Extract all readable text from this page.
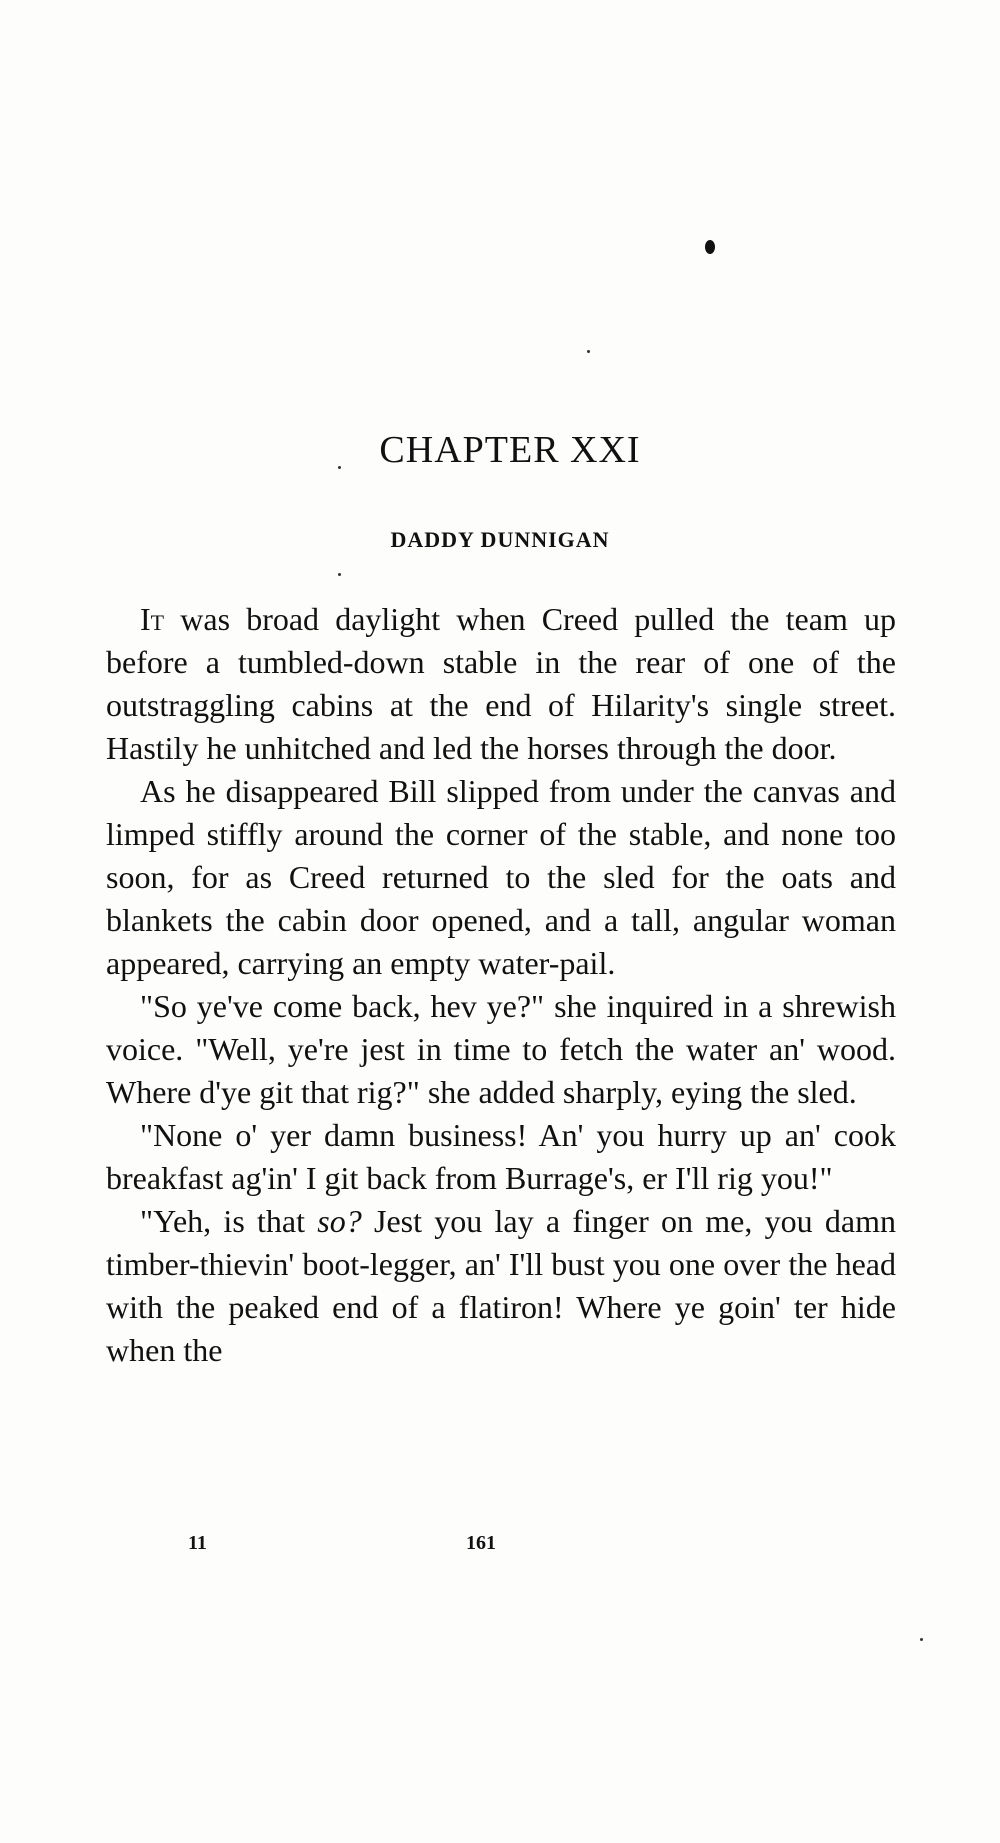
CHAPTER XXI
DADDY DUNNIGAN

It was broad daylight when Creed pulled the team up before a tumbled-down stable in the rear of one of the outstraggling cabins at the end of Hilarity's single street. Hastily he unhitched and led the horses through the door.

As he disappeared Bill slipped from under the canvas and limped stiffly around the corner of the stable, and none too soon, for as Creed returned to the sled for the oats and blankets the cabin door opened, and a tall, angular woman appeared, carrying an empty water-pail.

"So ye've come back, hev ye?" she inquired in a shrewish voice. "Well, ye're jest in time to fetch the water an' wood. Where d'ye git that rig?" she added sharply, eying the sled.

"None o' yer damn business! An' you hurry up an' cook breakfast ag'in' I git back from Burrage's, er I'll rig you!"

"Yeh, is that so? Jest you lay a finger on me, you damn timber-thievin' boot-legger, an' I'll bust you one over the head with the peaked end of a flatiron! Where ye goin' ter hide when the

11	161
